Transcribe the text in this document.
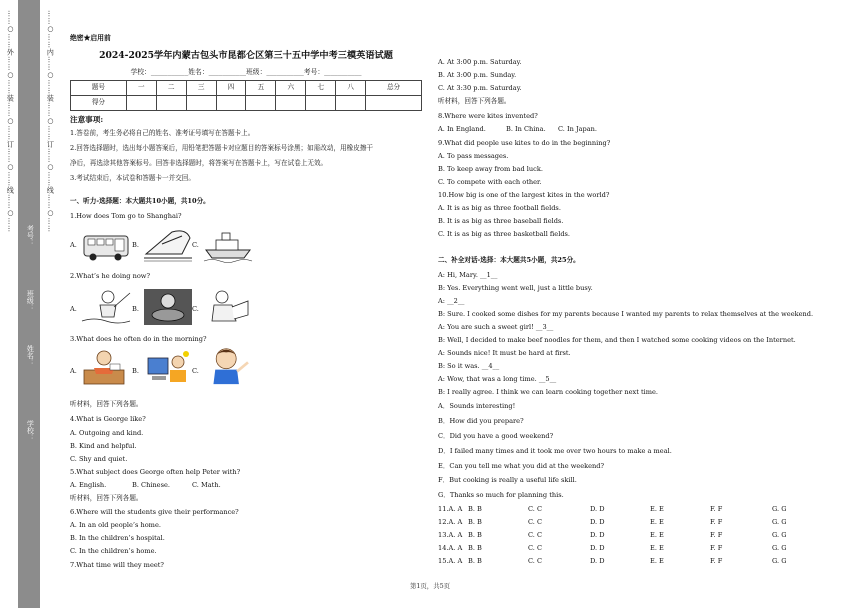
……○……外……○……装……○……订……○……线……○……	……○……内……○……装……○……订……○……线……○……
学校：
姓名：
班级：
考号：
绝密★启用前
2024-2025学年内蒙古包头市昆都仑区第三十五中学中考三模英语试题
学校：___________姓名：___________班级：___________考号：___________
题号	一	二	三	四	五	六	七	八	总分
得分									
注意事项:
1.答卷前，考生务必将自己的姓名、准考证号填写在答题卡上。
2.回答选择题时，选出每小题答案后，用铅笔把答题卡对应题目的答案标号涂黑；如需改动，用橡皮擦干
净后，再选涂其他答案标号。回答非选择题时，将答案写在答题卡上，写在试卷上无效。
3.考试结束后，本试卷和答题卡一并交回。
一、听力-选择题：本大题共10小题，共10分。
1.How does Tom go to Shanghai?
A.	B.	C.
2.What’s he doing now?
A.	B.	C.
3.What does he often do in the morning?
A.	B.	C.
听材料，回答下列各题。
4.What is George like?
A. Outgoing and kind.
B. Kind and helpful.
C. Shy and quiet.
5.What subject does George often help Peter with?
A. English.	B. Chinese.	C. Math.
听材料，回答下列各题。
6.Where will the students give their performance?
A. In an old people’s home.
B. In the children’s hospital.
C. In the children’s home.
7.What time will they meet?
A. At 3:00 p.m. Saturday.
B. At 3:00 p.m. Sunday.
C. At 3:30 p.m. Saturday.
听材料，回答下列各题。
8.Where were kites invented?
A. In England.	B. In China. C. In Japan.
9.What did people use kites to do in the beginning?
A. To pass messages.
B. To keep away from bad luck.
C. To compete with each other.
10.How big is one of the largest kites in the world?
A. It is as big as three football fields.
B. It is as big as three baseball fields.
C. It is as big as three basketball fields.
二、补全对话-选择：本大题共5小题，共25分。
A: Hi, Mary. __1__
B: Yes. Everything went well, just a little busy.
A: __2__
B: Sure. I cooked some dishes for my parents because I wanted my parents to relax themselves at the weekend.
A: You are such a sweet girl! __3__
B: Well, I decided to make beef noodles for them, and then I watched some cooking videos on the Internet.
A: Sounds nice! It must be hard at first.
B: So it was. __4__
A: Wow, that was a long time. __5__
B: I really agree. I think we can learn cooking together next time.
A．Sounds interesting!
B．How did you prepare?
C．Did you have a good weekend?
D．I failed many times and it took me over two hours to make a meal.
E．Can you tell me what you did at the weekend?
F．But cooking is really a useful life skill.
G．Thanks so much for planning this.
11.A. A B. B	C. C	D. D	E. E	F. F	G. G
12.A. A B. B	C. C	D. D	E. E	F. F	G. G
13.A. A B. B	C. C	D. D	E. E	F. F	G. G
14.A. A B. B	C. C	D. D	E. E	F. F	G. G
15.A. A B. B	C. C	D. D	E. E	F. F	G. G
第1页，共5页
